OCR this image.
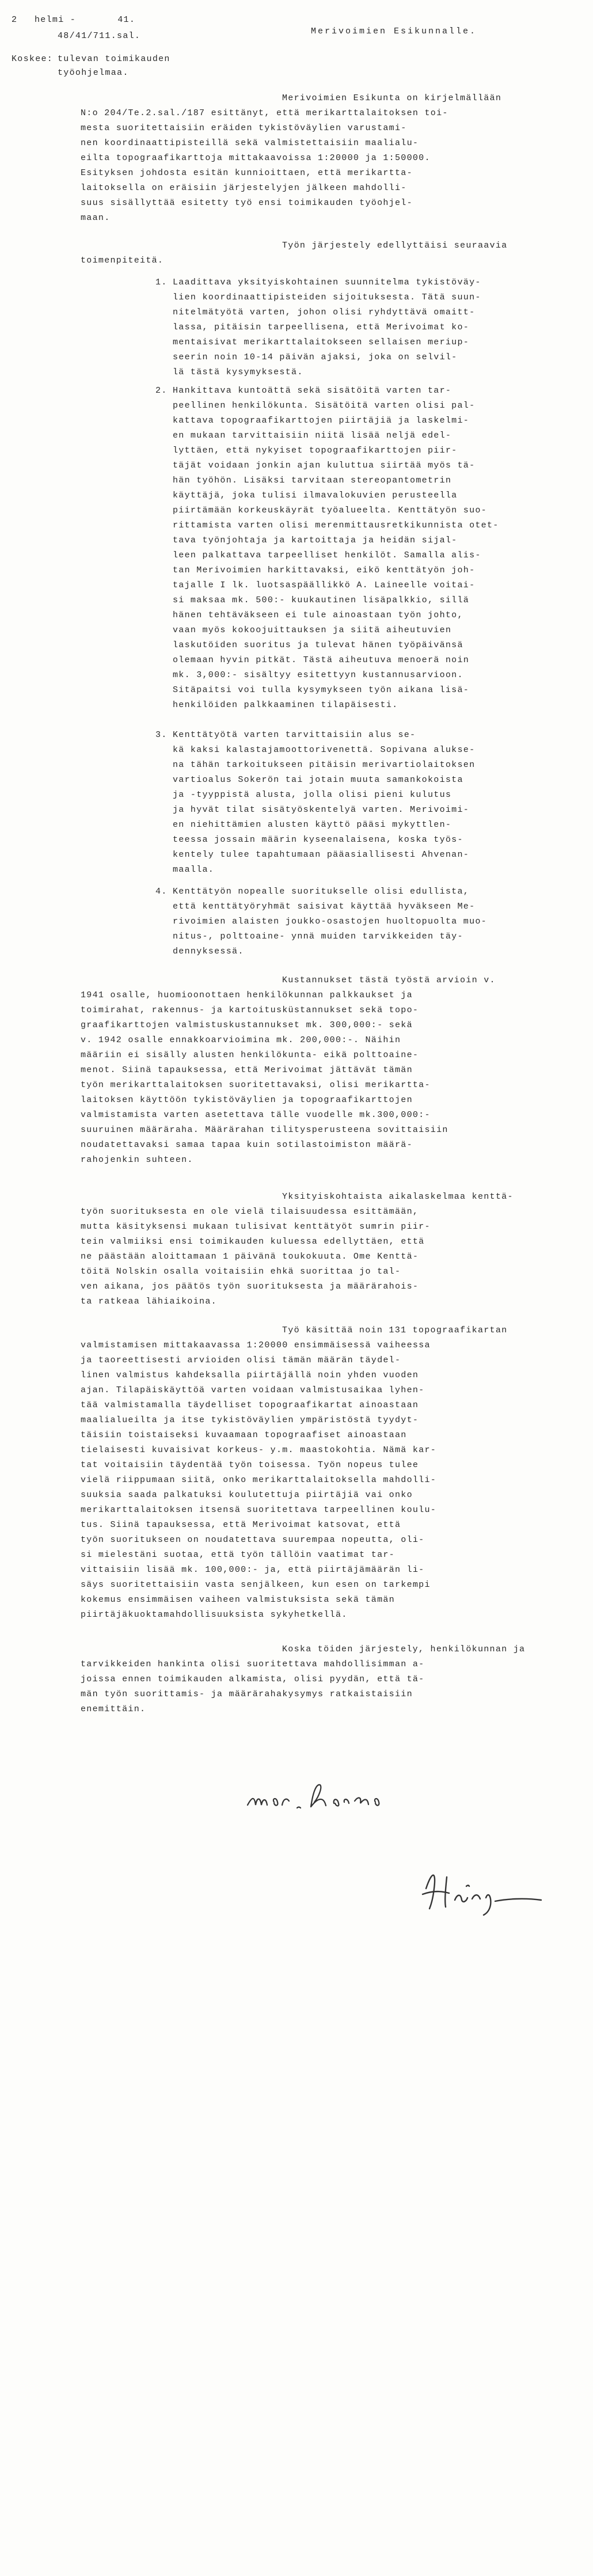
2 helmi -       41.
48/41/711.sal.	Merivoimien Esikunnalle.
Koskee: tulevan toimikauden
työohjelmaa.

Merivoimien Esikunta on kirjelmällään

N:o 204/Te.2.sal./187 esittänyt, että merikarttalaitoksen toi-

mesta suoritettaisiin eräiden tykistöväylien varustami-

nen koordinaattipisteillä sekä valmistettaisiin maalialu-

eilta topograafikarttoja mittakaavoissa 1:20000 ja 1:50000.

Esityksen johdosta esitän kunnioittaen, että merikartta-

laitoksella on eräisiin järjestelyjen jälkeen mahdolli-

suus sisällyttää esitetty työ ensi toimikauden työohjel-

maan.

Työn järjestely edellyttäisi seuraavia

toimenpiteitä.

1. Laadittava yksityiskohtainen suunnitelma tykistöväy-

lien koordinaattipisteiden sijoituksesta. Tätä suun-

nitelmätyötä varten, johon olisi ryhdyttävä omaitt-

lassa, pitäisin tarpeellisena, että Merivoimat ko-

mentaisivat merikarttalaitokseen sellaisen meriup-

seerin noin 10-14 päivän ajaksi, joka on selvil-

lä tästä kysymyksestä.

2. Hankittava kuntoättä sekä sisätöitä varten tar-

peellinen henkilökunta. Sisätöitä varten olisi pal-

kattava topograafikarttojen piirtäjiä ja laskelmi-

en mukaan tarvittaisiin niitä lisää neljä edel-

lyttäen, että nykyiset topograafikarttojen piir-

täjät voidaan jonkin ajan kuluttua siirtää myös tä-

hän työhön. Lisäksi tarvitaan stereopantometrin

käyttäjä, joka tulisi ilmavalokuvien perusteella

piirtämään korkeuskäyrät työalueelta. Kenttätyön suo-

rittamista varten olisi merenmittausretkikunnista otet-

tava työnjohtaja ja kartoittaja ja heidän sijal-

leen palkattava tarpeelliset henkilöt. Samalla alis-

tan Merivoimien harkittavaksi, eikö kenttätyön joh-

tajalle I lk. luotsaspäällikkö A. Laineelle voitai-

si maksaa mk. 500:- kuukautinen lisäpalkkio, sillä

hänen tehtäväkseen ei tule ainoastaan työn johto,

vaan myös kokoojuittauksen ja siitä aiheutuvien

laskutöiden suoritus ja tulevat hänen työpäivänsä

olemaan hyvin pitkät. Tästä aiheutuva menoerä noin

mk. 3,000:- sisältyy esitettyyn kustannusarvioon.

Sitäpaitsi voi tulla kysymykseen työn aikana lisä-

henkilöiden palkkaaminen tilapäisesti.

3. Kenttätyötä varten tarvittaisiin alus se-

kä kaksi kalastajamoottorivenettä. Sopivana alukse-

na tähän tarkoitukseen pitäisin merivartiolaitoksen

vartioalus Sokerön tai jotain muuta samankokoista

ja -tyyppistä alusta, jolla olisi pieni kulutus

ja hyvät tilat sisätyöskentelyä varten. Merivoimi-

en niehittämien alusten käyttö pääsi mykyttlen-

teessa jossain määrin kyseenalaisena, koska työs-

kentely tulee tapahtumaan pääasiallisesti Ahvenan-

maalla.

4. Kenttätyön nopealle suoritukselle olisi edullista,

että kenttätyöryhmät saisivat käyttää hyväkseen Me-

rivoimien alaisten joukko-osastojen huoltopuolta muo-

nitus-, polttoaine- ynnä muiden tarvikkeiden täy-

dennyksessä.

Kustannukset tästä työstä arvioin v.

1941 osalle, huomioonottaen henkilökunnan palkkaukset ja

toimirahat, rakennus- ja kartoitusküstannukset sekä topo-

graafikarttojen valmistuskustannukset mk. 300,000:- sekä

v. 1942 osalle ennakkoarvioimina mk. 200,000:-. Näihin

määriin ei sisälly alusten henkilökunta- eikä polttoaine-

menot. Siinä tapauksessa, että Merivoimat jättävät tämän

työn merikarttalaitoksen suoritettavaksi, olisi merikartta-

laitoksen käyttöön tykistöväylien ja topograafikarttojen

valmistamista varten asetettava tälle vuodelle mk.300,000:-

suuruinen määräraha. Määrärahan tilitysperusteena sovittaisiin

noudatettavaksi samaa tapaa kuin sotilastoimiston määrä-

rahojenkin suhteen.

Yksityiskohtaista aikalaskelmaa kenttä-

työn suorituksesta en ole vielä tilaisuudessa esittämään,

mutta käsityksensi mukaan tulisivat kenttätyöt sumrin piir-

tein valmiiksi ensi toimikauden kuluessa edellyttäen, että

ne päästään aloittamaan 1 päivänä toukokuuta. Ome Kenttä-

töitä Nolskin osalla voitaisiin ehkä suorittaa jo tal-

ven aikana, jos päätös työn suorituksesta ja määrärahois-

ta ratkeaa lähiaikoina.

Työ käsittää noin 131 topograafikartan

valmistamisen mittakaavassa 1:20000 ensimmäisessä vaiheessa

ja taoreettisesti arvioiden olisi tämän määrän täydel-

linen valmistus kahdeksalla piirtäjällä noin yhden vuoden

ajan. Tilapäiskäyttöä varten voidaan valmistusaikaa lyhen-

tää valmistamalla täydelliset topograafikartat ainoastaan

maalialueilta ja itse tykistöväylien ympäristöstä tyydyt-

täisiin toistaiseksi kuvaamaan topograafiset ainoastaan

tielaisesti kuvaisivat korkeus- y.m. maastokohtia. Nämä kar-

tat voitaisiin täydentää työn toisessa. Työn nopeus tulee

vielä riippumaan siitä, onko merikarttalaitoksella mahdolli-

suuksia saada palkatuksi koulutettuja piirtäjiä vai onko

merikarttalaitoksen itsensä suoritettava tarpeellinen koulu-

tus. Siinä tapauksessa, että Merivoimat katsovat, että

työn suoritukseen on noudatettava suurempaa nopeutta, oli-

si mielestäni suotaa, että työn tällöin vaatimat tar-

vittaisiin lisää mk. 100,000:- ja, että piirtäjämäärän li-

säys suoritettaisiin vasta senjälkeen, kun esen on tarkempi

kokemus ensimmäisen vaiheen valmistuksista sekä tämän

piirtäjäkuoktamahdollisuuksista sykyhetkellä.

Koska töiden järjestely, henkilökunnan ja

tarvikkeiden hankinta olisi suoritettava mahdollisimman a-

joissa ennen toimikauden alkamista, olisi pyydän, että tä-

män työn suorittamis- ja määrärahakysymys ratkaistaisiin

enemittäin.
